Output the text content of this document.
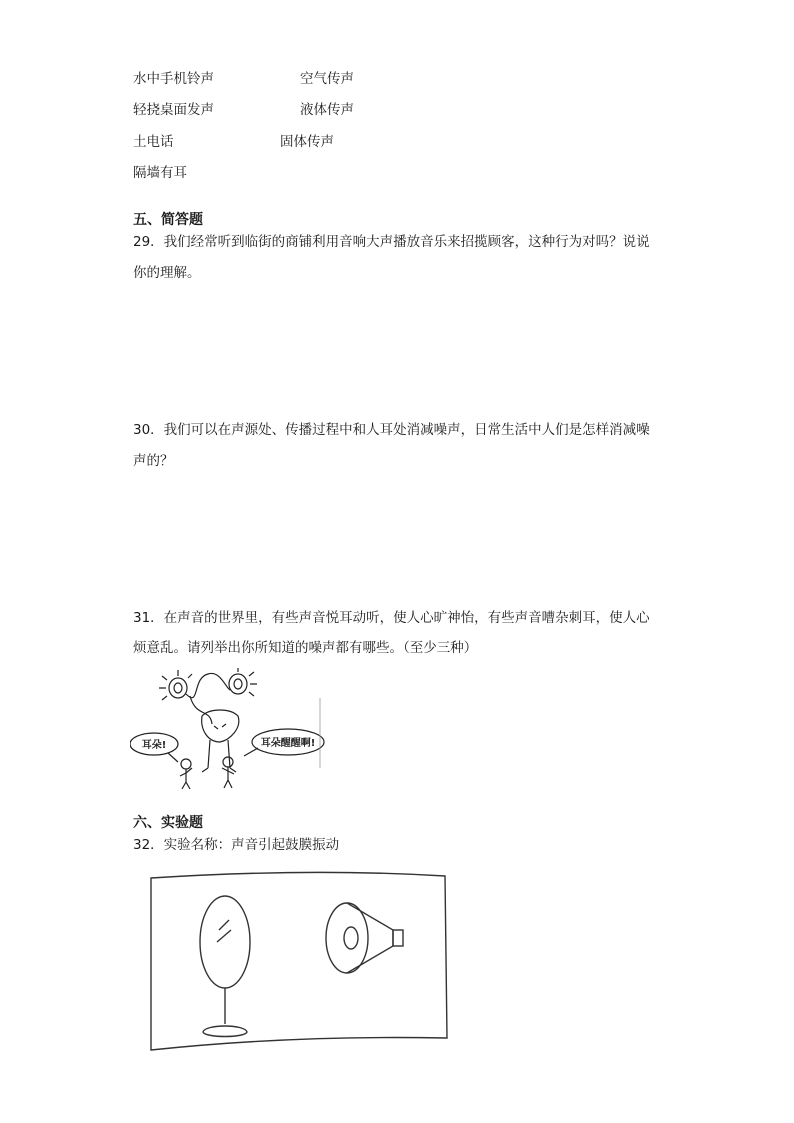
水中手机铃声	空气传声
轻挠桌面发声	液体传声
土电话	固体传声
隔墙有耳
五、简答题
29．我们经常听到临街的商铺利用音响大声播放音乐来招揽顾客，这种行为对吗？说说
你的理解。
30．我们可以在声源处、传播过程中和人耳处消减噪声，日常生活中人们是怎样消减噪
声的？
31．在声音的世界里，有些声音悦耳动听，使人心旷神怡，有些声音嘈杂刺耳，使人心
烦意乱。请列举出你所知道的噪声都有哪些。（至少三种）
耳朵!	耳朵醒醒啊!
六、实验题
32．实验名称：声音引起鼓膜振动
